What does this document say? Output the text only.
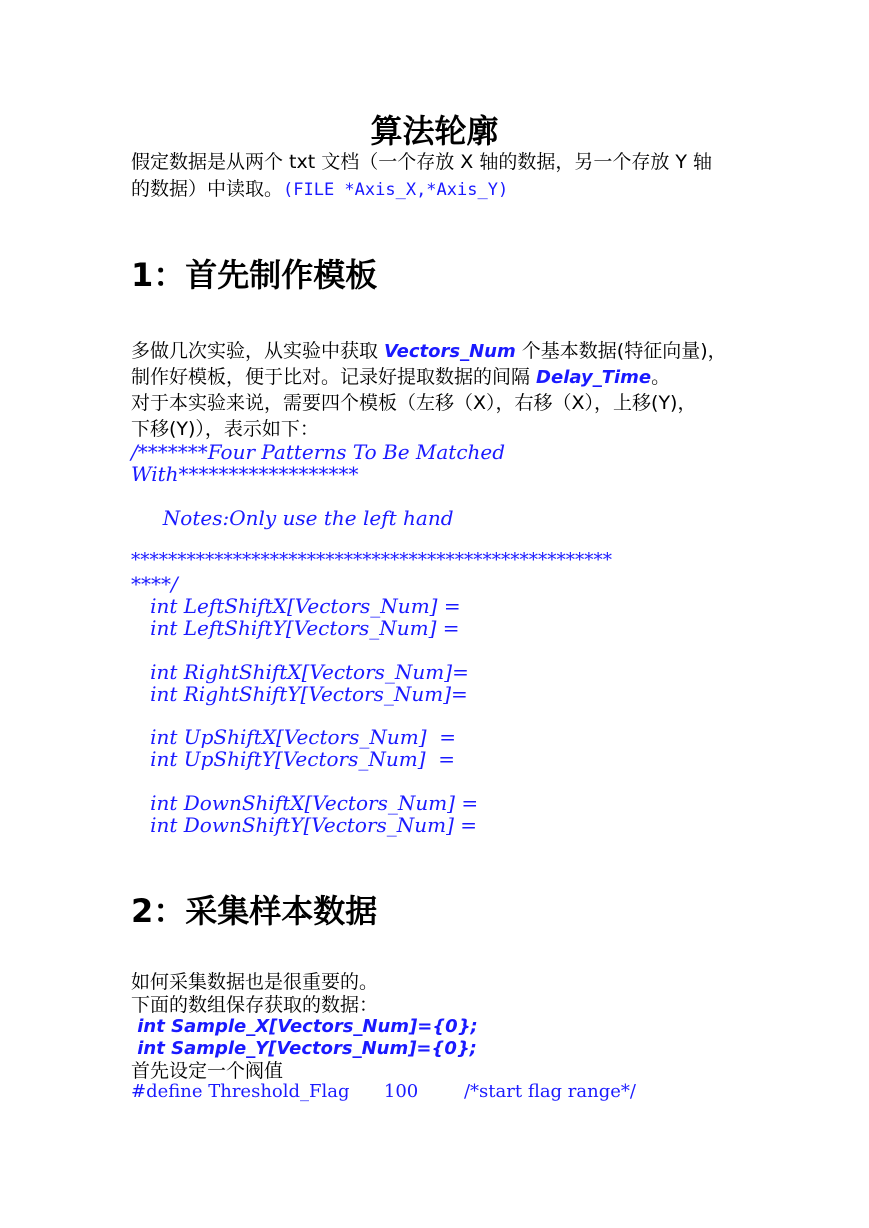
算法轮廓
假定数据是从两个 txt 文档（一个存放 X 轴的数据，另一个存放 Y 轴
的数据）中读取。(FILE *Axis_X,*Axis_Y)
1：首先制作模板
多做几次实验，从实验中获取 Vectors_Num 个基本数据(特征向量)，
制作好模板，便于比对。记录好提取数据的间隔 Delay_Time。
对于本实验来说，需要四个模板（左移（X），右移（X），上移(Y)，
下移(Y)），表示如下：
/*******Four Patterns To Be Matched
With******************
Notes:Only use the left hand
****************************************************
****/
int LeftShiftX[Vectors_Num] =
int LeftShiftY[Vectors_Num] =
int RightShiftX[Vectors_Num]=
int RightShiftY[Vectors_Num]=
int UpShiftX[Vectors_Num]  =
int UpShiftY[Vectors_Num]  =
int DownShiftX[Vectors_Num] =
int DownShiftY[Vectors_Num] =
2：采集样本数据
如何采集数据也是很重要的。
下面的数组保存获取的数据：
int Sample_X[Vectors_Num]={0};
int Sample_Y[Vectors_Num]={0};
首先设定一个阀值
#define Threshold_Flag      100        /*start flag range*/
